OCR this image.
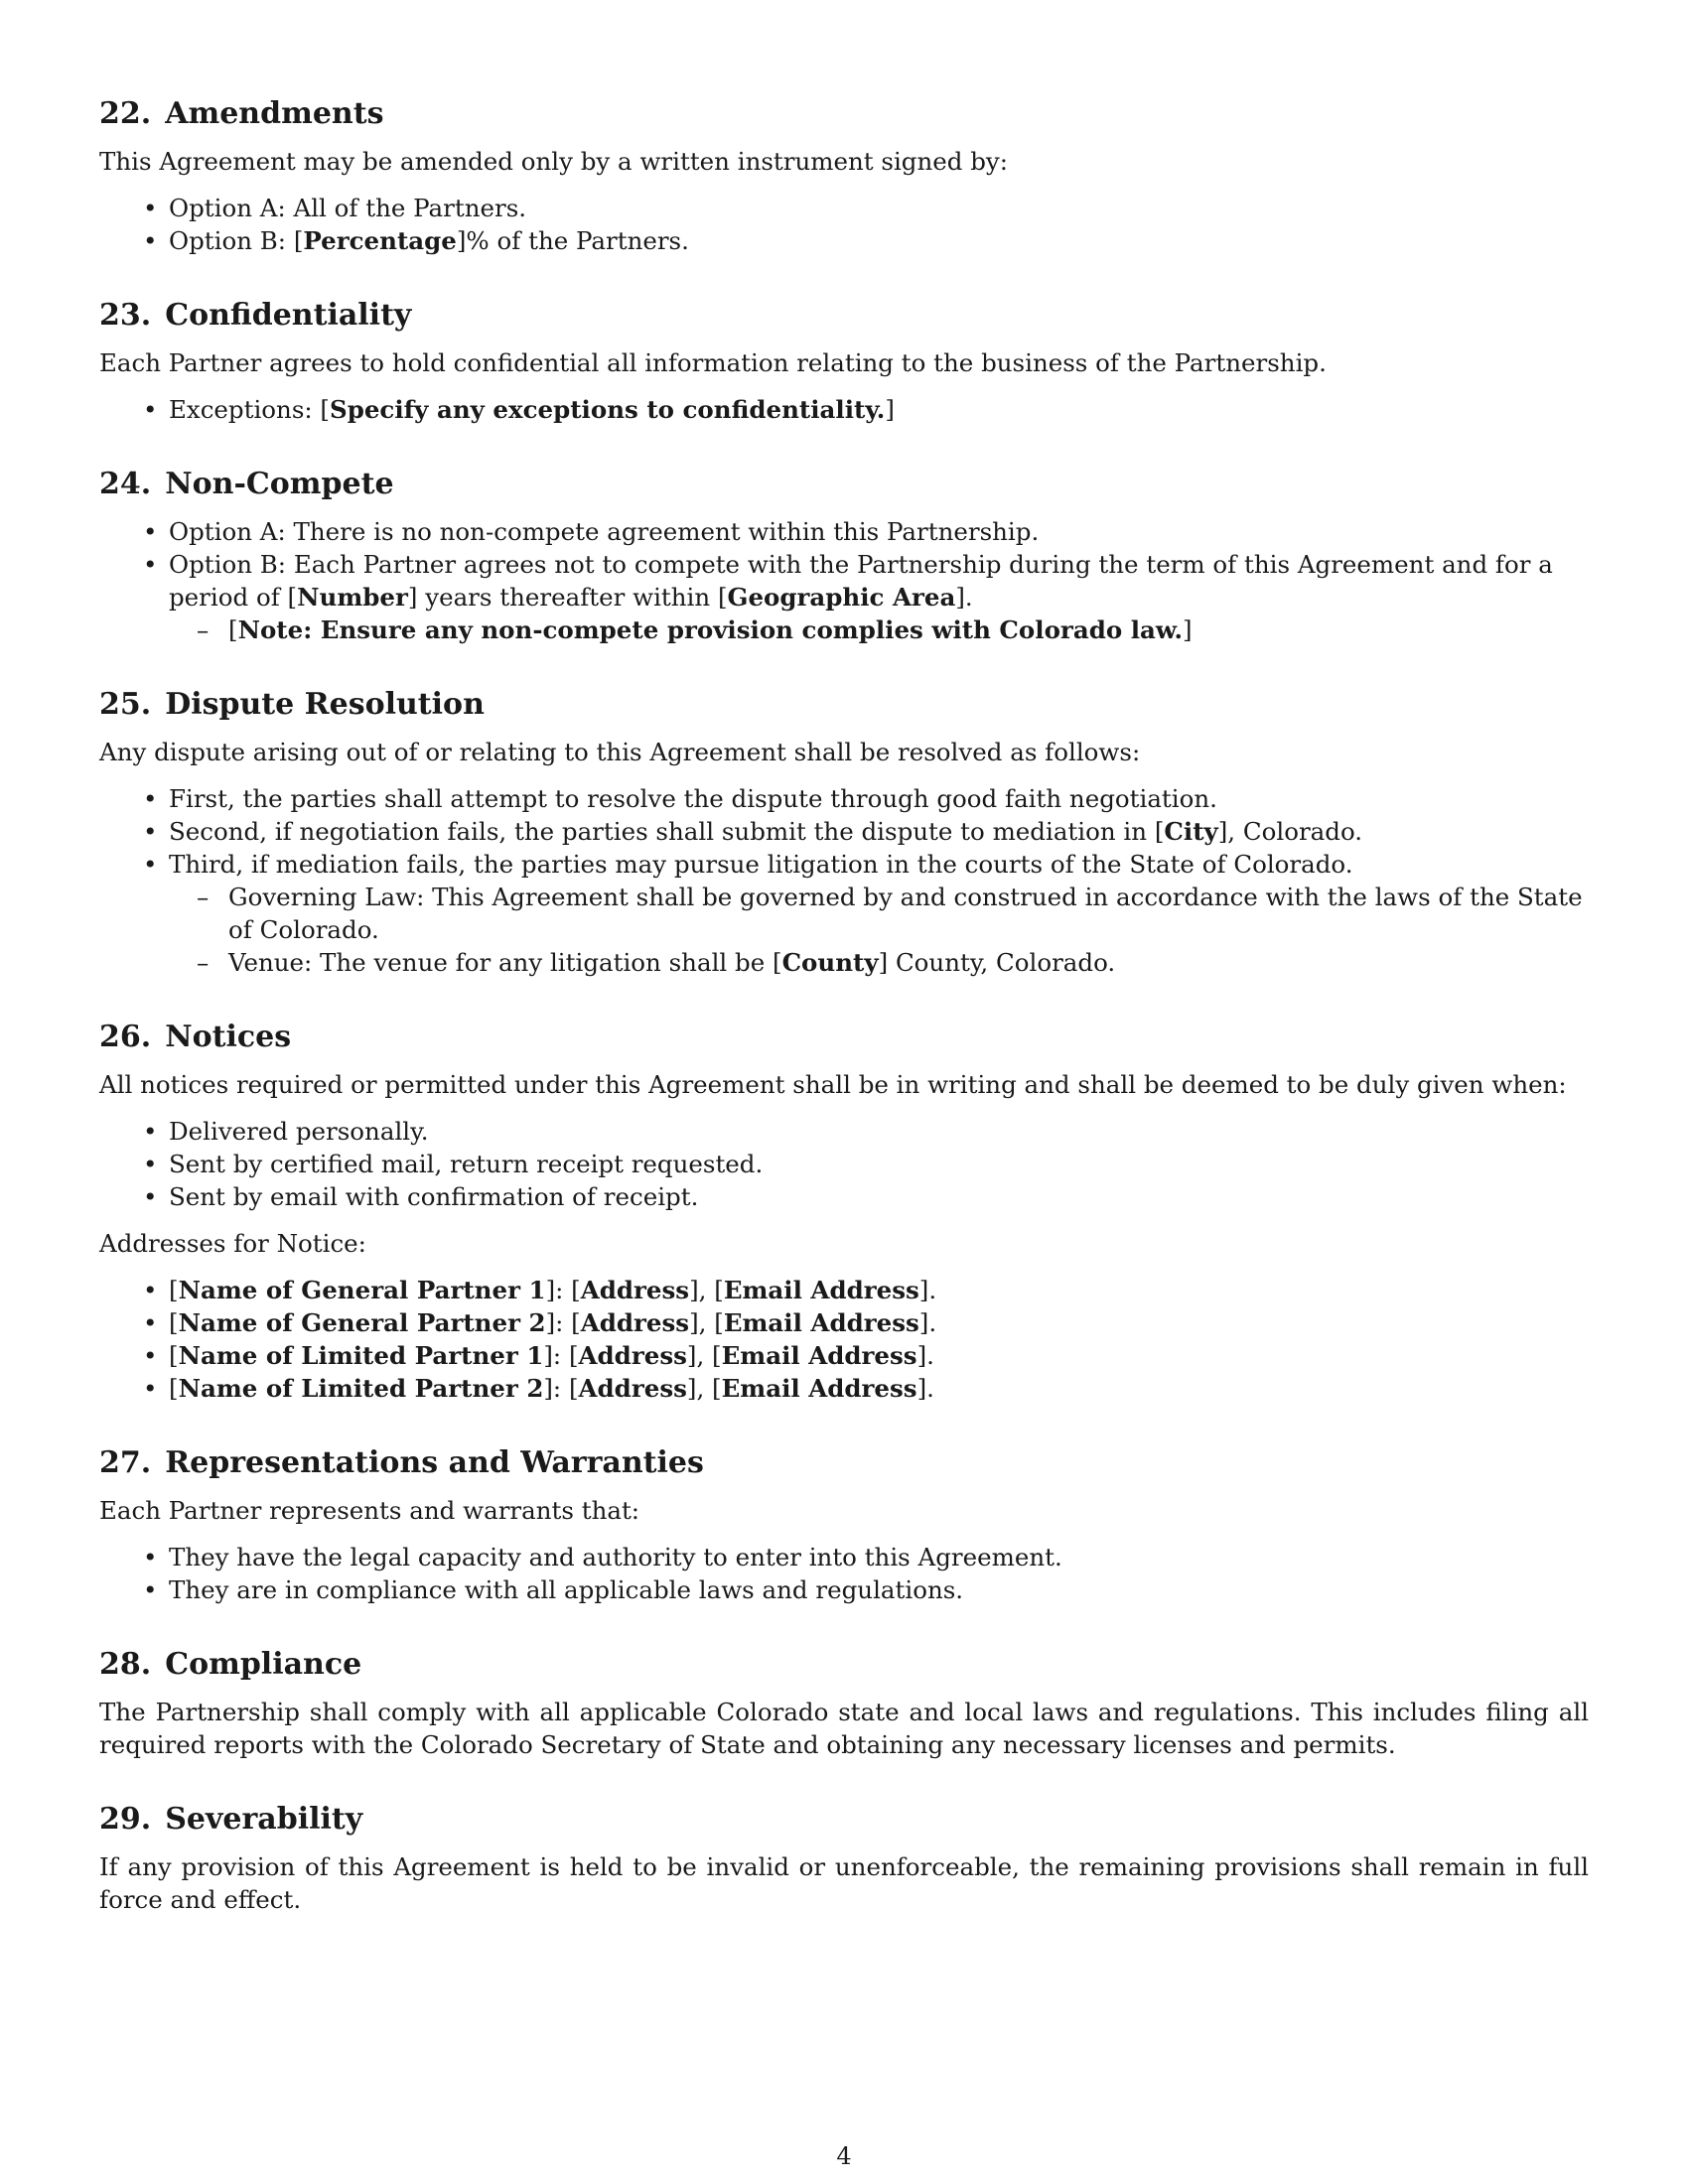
22. Amendments

This Agreement may be amended only by a written instrument signed by:

• Option A: All of the Partners.
• Option B: [Percentage]% of the Partners.
23. Confidentiality

Each Partner agrees to hold confidential all information relating to the business of the Partnership.

• Exceptions: [Specify any exceptions to confidentiality.]
24. Non-Compete
• Option A: There is no non-compete agreement within this Partnership.
• Option B: Each Partner agrees not to compete with the Partnership during the term of this Agreement and for a period of [Number] years thereafter within [Geographic Area].
– [Note: Ensure any non-compete provision complies with Colorado law.]
25. Dispute Resolution

Any dispute arising out of or relating to this Agreement shall be resolved as follows:

• First, the parties shall attempt to resolve the dispute through good faith negotiation.
• Second, if negotiation fails, the parties shall submit the dispute to mediation in [City], Colorado.
• Third, if mediation fails, the parties may pursue litigation in the courts of the State of Colorado.
– Governing Law: This Agreement shall be governed by and construed in accordance with the laws of the State of Colorado.
– Venue: The venue for any litigation shall be [County] County, Colorado.
26. Notices

All notices required or permitted under this Agreement shall be in writing and shall be deemed to be duly given when:

• Delivered personally.
• Sent by certified mail, return receipt requested.
• Sent by email with confirmation of receipt.

Addresses for Notice:

• [Name of General Partner 1]: [Address], [Email Address].
• [Name of General Partner 2]: [Address], [Email Address].
• [Name of Limited Partner 1]: [Address], [Email Address].
• [Name of Limited Partner 2]: [Address], [Email Address].
27. Representations and Warranties

Each Partner represents and warrants that:

• They have the legal capacity and authority to enter into this Agreement.
• They are in compliance with all applicable laws and regulations.
28. Compliance

The Partnership shall comply with all applicable Colorado state and local laws and regulations. This includes filing all required reports with the Colorado Secretary of State and obtaining any necessary licenses and permits.

29. Severability

If any provision of this Agreement is held to be invalid or unenforceable, the remaining provisions shall remain in full force and effect.

4
